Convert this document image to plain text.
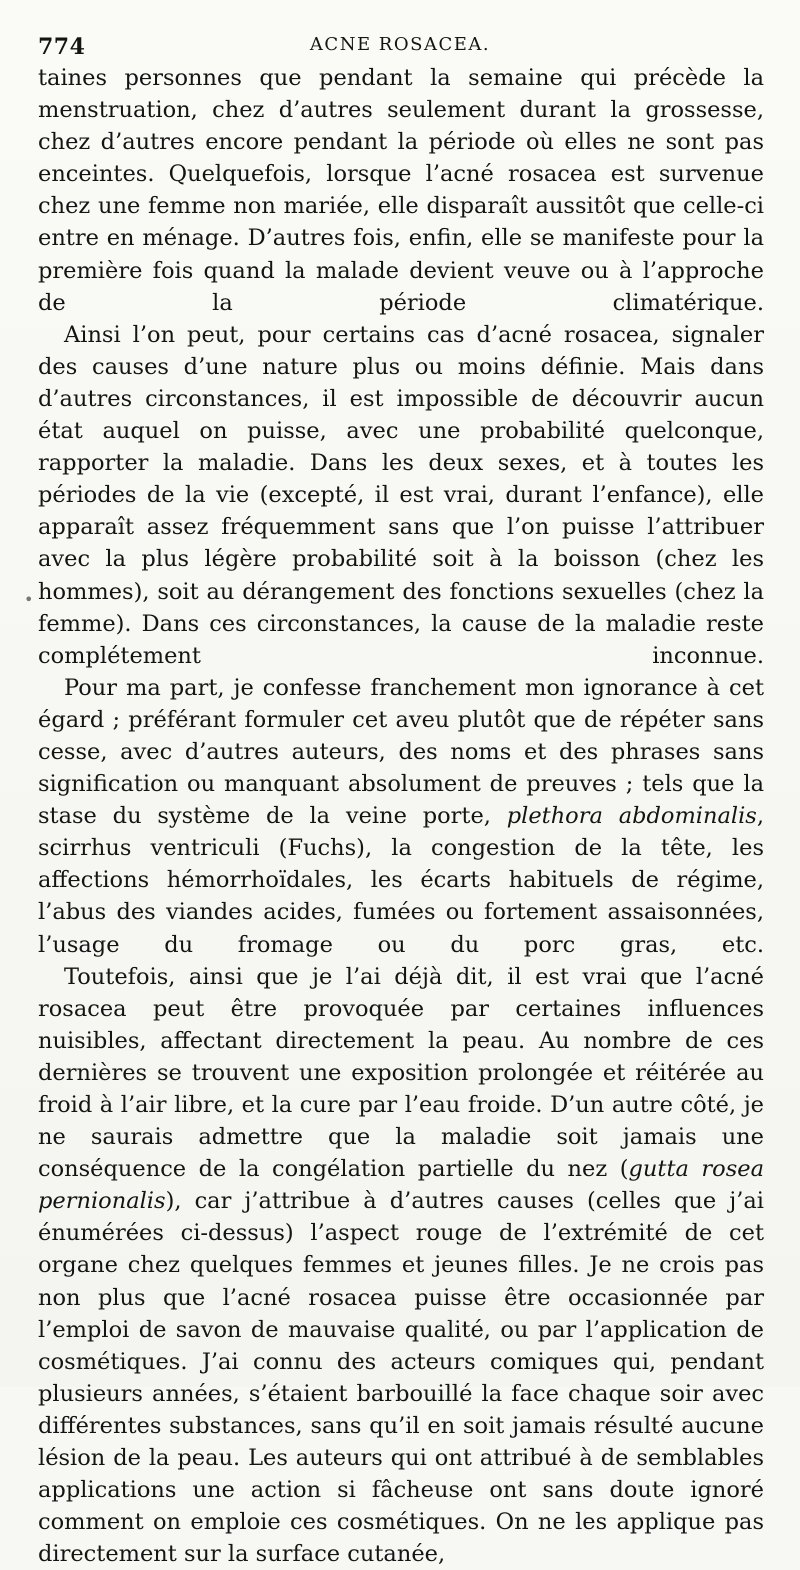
774	ACNE ROSACEA.

taines personnes que pendant la semaine qui précède la menstruation, chez d’autres seulement durant la grossesse, chez d’autres encore pendant la période où elles ne sont pas enceintes. Quelquefois, lorsque l’acné rosacea est survenue chez une femme non mariée, elle disparaît aussitôt que celle-ci entre en ménage. D’autres fois, enfin, elle se manifeste pour la première fois quand la malade devient veuve ou à l’approche de la période climatérique.

Ainsi l’on peut, pour certains cas d’acné rosacea, signaler des causes d’une nature plus ou moins définie. Mais dans d’autres circonstances, il est impossible de découvrir aucun état auquel on puisse, avec une probabilité quelconque, rapporter la maladie. Dans les deux sexes, et à toutes les périodes de la vie (excepté, il est vrai, durant l’enfance), elle apparaît assez fréquemment sans que l’on puisse l’attribuer avec la plus légère probabilité soit à la boisson (chez les hommes), soit au dérangement des fonctions sexuelles (chez la femme). Dans ces circonstances, la cause de la maladie reste complétement inconnue.

Pour ma part, je confesse franchement mon ignorance à cet égard ; préférant formuler cet aveu plutôt que de répéter sans cesse, avec d’autres auteurs, des noms et des phrases sans signification ou manquant absolument de preuves ; tels que la stase du système de la veine porte, plethora abdominalis, scirrhus ventriculi (Fuchs), la congestion de la tête, les affections hémorrhoïdales, les écarts habituels de régime, l’abus des viandes acides, fumées ou fortement assaisonnées, l’usage du fromage ou du porc gras, etc.

Toutefois, ainsi que je l’ai déjà dit, il est vrai que l’acné rosacea peut être provoquée par certaines influences nuisibles, affectant directement la peau. Au nombre de ces dernières se trouvent une exposition prolongée et réitérée au froid à l’air libre, et la cure par l’eau froide. D’un autre côté, je ne saurais admettre que la maladie soit jamais une conséquence de la congélation partielle du nez (gutta rosea pernionalis), car j’attribue à d’autres causes (celles que j’ai énumérées ci-dessus) l’aspect rouge de l’extrémité de cet organe chez quelques femmes et jeunes filles. Je ne crois pas non plus que l’acné rosacea puisse être occasionnée par l’emploi de savon de mauvaise qualité, ou par l’application de cosmétiques. J’ai connu des acteurs comiques qui, pendant plusieurs années, s’étaient barbouillé la face chaque soir avec différentes substances, sans qu’il en soit jamais résulté aucune lésion de la peau. Les auteurs qui ont attribué à de semblables applications une action si fâcheuse ont sans doute ignoré comment on emploie ces cosmétiques. On ne les applique pas directement sur la surface cutanée,

•
